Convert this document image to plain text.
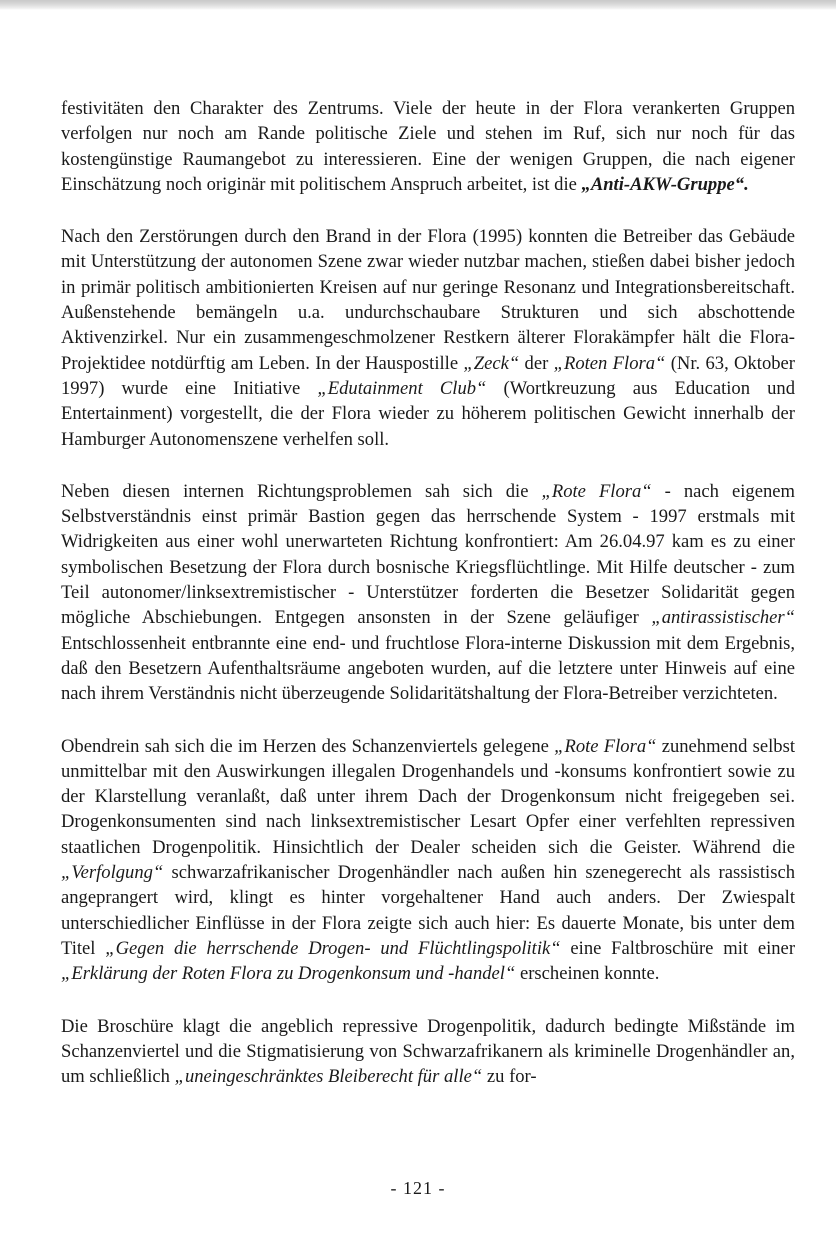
festivitäten den Charakter des Zentrums. Viele der heute in der Flora verankerten Gruppen verfolgen nur noch am Rande politische Ziele und stehen im Ruf, sich nur noch für das kostengünstige Raumangebot zu interessieren. Eine der wenigen Gruppen, die nach eigener Einschätzung noch originär mit politischem Anspruch arbeitet, ist die „Anti-AKW-Gruppe“.

Nach den Zerstörungen durch den Brand in der Flora (1995) konnten die Betreiber das Gebäude mit Unterstützung der autonomen Szene zwar wieder nutzbar machen, stießen dabei bisher jedoch in primär politisch ambitionierten Kreisen auf nur geringe Resonanz und Integrationsbereitschaft. Außenstehende bemängeln u.a. undurchschaubare Strukturen und sich abschottende Aktivenzirkel. Nur ein zusammengeschmolzener Restkern älterer Florakämpfer hält die Flora-Projektidee notdürftig am Leben. In der Hauspostille „Zeck“ der „Roten Flora“ (Nr. 63, Oktober 1997) wurde eine Initiative „Edutainment Club“ (Wortkreuzung aus Education und Entertainment) vorgestellt, die der Flora wieder zu höherem politischen Gewicht innerhalb der Hamburger Autonomenszene verhelfen soll.

Neben diesen internen Richtungsproblemen sah sich die „Rote Flora“ - nach eigenem Selbstverständnis einst primär Bastion gegen das herrschende System - 1997 erstmals mit Widrigkeiten aus einer wohl unerwarteten Richtung konfrontiert: Am 26.04.97 kam es zu einer symbolischen Besetzung der Flora durch bosnische Kriegsflüchtlinge. Mit Hilfe deutscher - zum Teil autonomer/linksextremistischer - Unterstützer forderten die Besetzer Solidarität gegen mögliche Abschiebungen. Entgegen ansonsten in der Szene geläufiger „antirassistischer“ Entschlossenheit entbrannte eine end- und fruchtlose Flora-interne Diskussion mit dem Ergebnis, daß den Besetzern Aufenthaltsräume angeboten wurden, auf die letztere unter Hinweis auf eine nach ihrem Verständnis nicht überzeugende Solidaritätshaltung der Flora-Betreiber verzichteten.

Obendrein sah sich die im Herzen des Schanzenviertels gelegene „Rote Flora“ zunehmend selbst unmittelbar mit den Auswirkungen illegalen Drogenhandels und -konsums konfrontiert sowie zu der Klarstellung veranlaßt, daß unter ihrem Dach der Drogenkonsum nicht freigegeben sei. Drogenkonsumenten sind nach linksextremistischer Lesart Opfer einer verfehlten repressiven staatlichen Drogenpolitik. Hinsichtlich der Dealer scheiden sich die Geister. Während die „Verfolgung“ schwarzafrikanischer Drogenhändler nach außen hin szenegerecht als rassistisch angeprangert wird, klingt es hinter vorgehaltener Hand auch anders. Der Zwiespalt unterschiedlicher Einflüsse in der Flora zeigte sich auch hier: Es dauerte Monate, bis unter dem Titel „Gegen die herrschende Drogen- und Flüchtlingspolitik“ eine Faltbroschüre mit einer „Erklärung der Roten Flora zu Drogenkonsum und -handel“ erscheinen konnte.

Die Broschüre klagt die angeblich repressive Drogenpolitik, dadurch bedingte Mißstände im Schanzenviertel und die Stigmatisierung von Schwarzafrikanern als kriminelle Drogenhändler an, um schließlich „uneingeschränktes Bleiberecht für alle“ zu for-

- 121 -
